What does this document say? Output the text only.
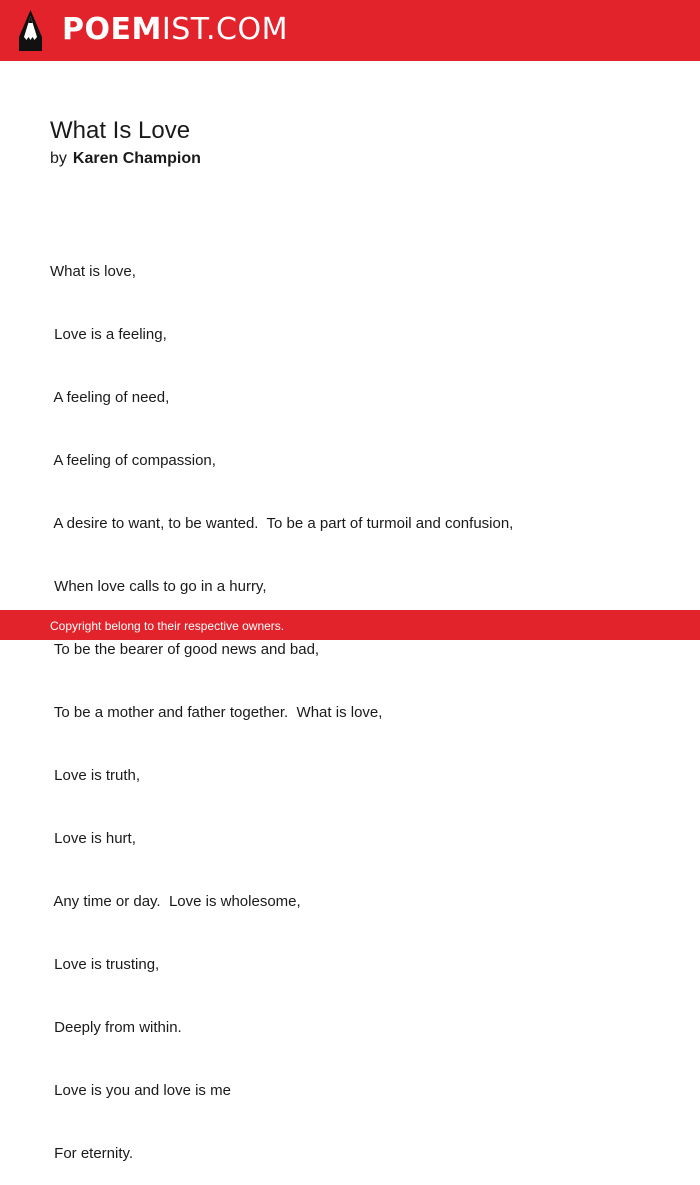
POEMIST.COM
What Is Love
by Karen Champion

What is love,

Love is a feeling,

A feeling of need,

A feeling of compassion,

A desire to want, to be wanted.  To be a part of turmoil and confusion,

When love calls to go in a hurry,

To be the bearer of good news and bad,

To be a mother and father together.  What is love,

Love is truth,

Love is hurt,

Any time or day.  Love is wholesome,

Love is trusting,

Deeply from within.

Love is you and love is me

For eternity.

Copyright belong to their respective owners.
